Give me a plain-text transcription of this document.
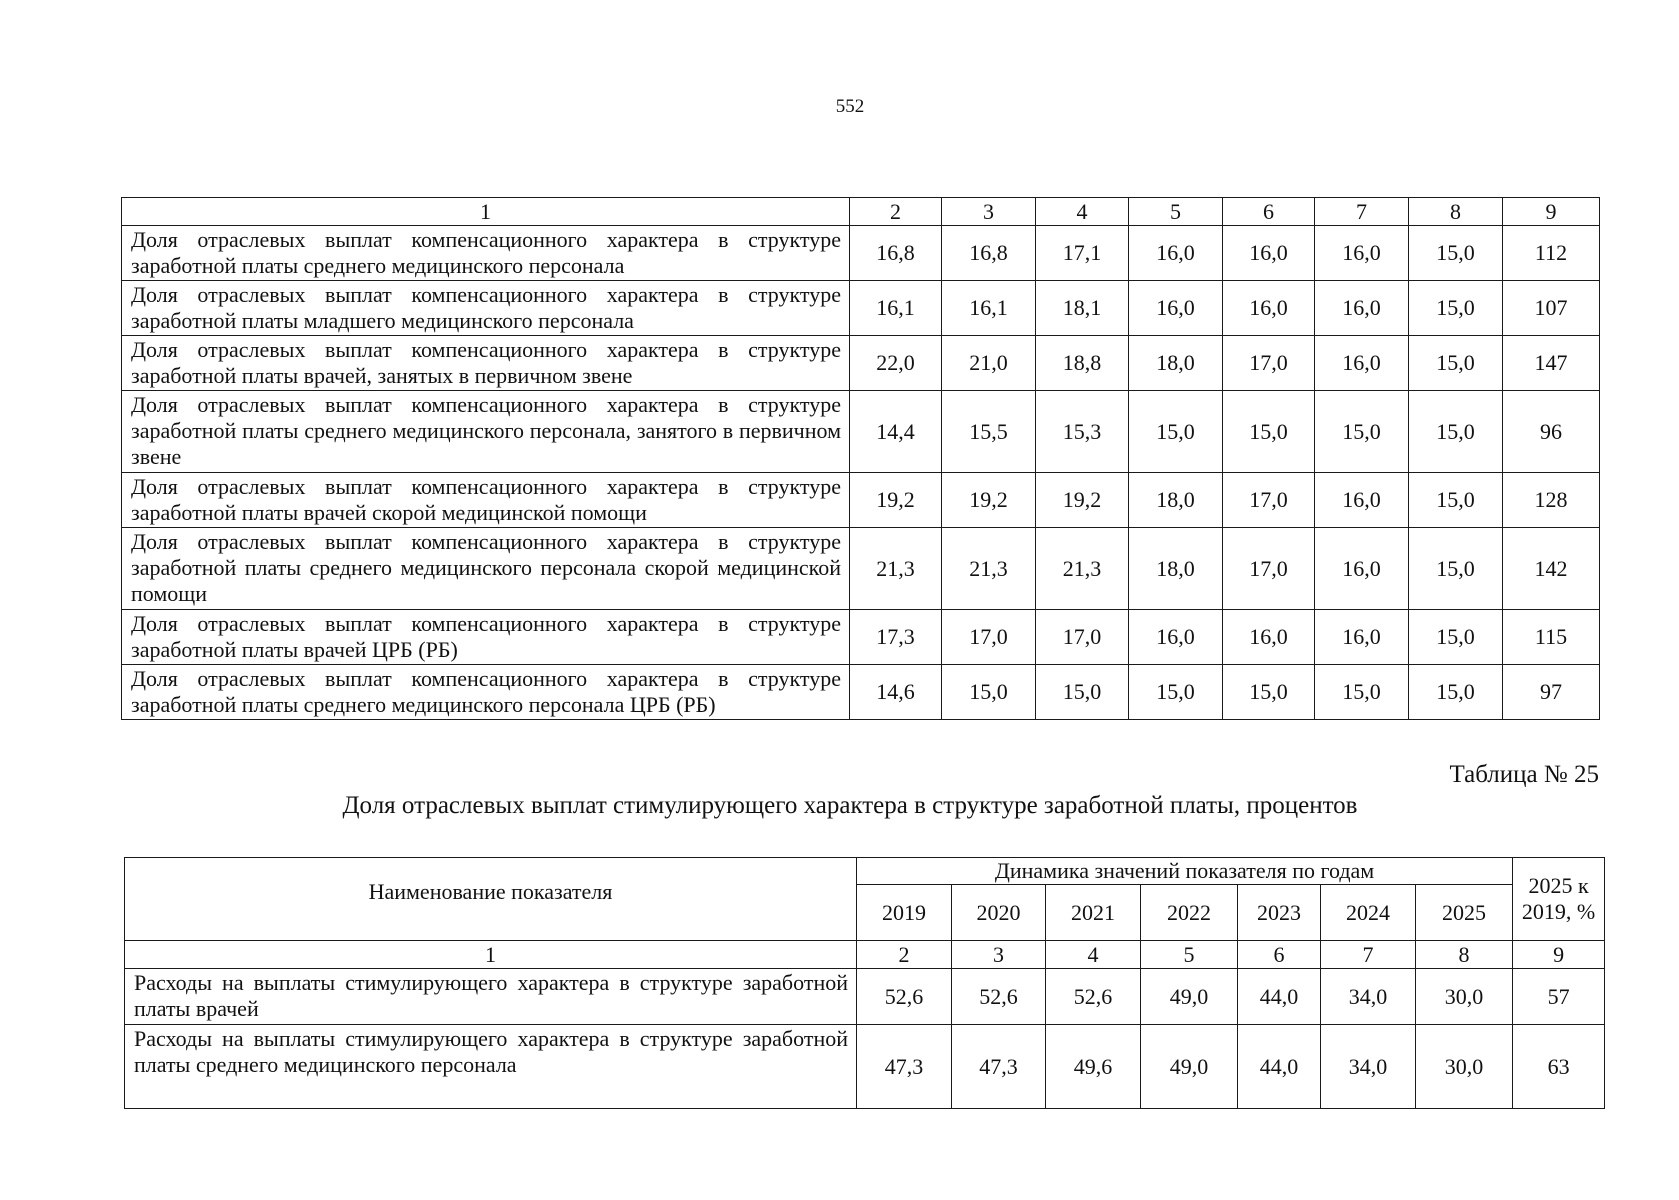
552
1	2	3	4	5	6	7	8	9
Доля отраслевых выплат компенсационного характера в структуре заработной платы среднего медицинского персонала	16,8	16,8	17,1	16,0	16,0	16,0	15,0	112
Доля отраслевых выплат компенсационного характера в структуре заработной платы младшего медицинского персонала	16,1	16,1	18,1	16,0	16,0	16,0	15,0	107
Доля отраслевых выплат компенсационного характера в структуре заработной платы врачей, занятых в первичном звене	22,0	21,0	18,8	18,0	17,0	16,0	15,0	147
Доля отраслевых выплат компенсационного характера в структуре заработной платы среднего медицинского персонала, занятого в первичном звене	14,4	15,5	15,3	15,0	15,0	15,0	15,0	96
Доля отраслевых выплат компенсационного характера в структуре заработной платы врачей скорой медицинской помощи	19,2	19,2	19,2	18,0	17,0	16,0	15,0	128
Доля отраслевых выплат компенсационного характера в структуре заработной платы среднего медицинского персонала скорой медицинской помощи	21,3	21,3	21,3	18,0	17,0	16,0	15,0	142
Доля отраслевых выплат компенсационного характера в структуре заработной платы врачей ЦРБ (РБ)	17,3	17,0	17,0	16,0	16,0	16,0	15,0	115
Доля отраслевых выплат компенсационного характера в структуре заработной платы среднего медицинского персонала ЦРБ (РБ)	14,6	15,0	15,0	15,0	15,0	15,0	15,0	97
Таблица № 25
Доля отраслевых выплат стимулирующего характера в структуре заработной платы, процентов
Наименование показателя	Динамика значений показателя по годам							2025 к 2019, %
	2019	2020	2021	2022	2023	2024	2025	
1	2	3	4	5	6	7	8	9
Расходы на выплаты стимулирующего характера в структуре заработной платы врачей	52,6	52,6	52,6	49,0	44,0	34,0	30,0	57
Расходы на выплаты стимулирующего характера в структуре заработной платы среднего медицинского персонала	47,3	47,3	49,6	49,0	44,0	34,0	30,0	63
